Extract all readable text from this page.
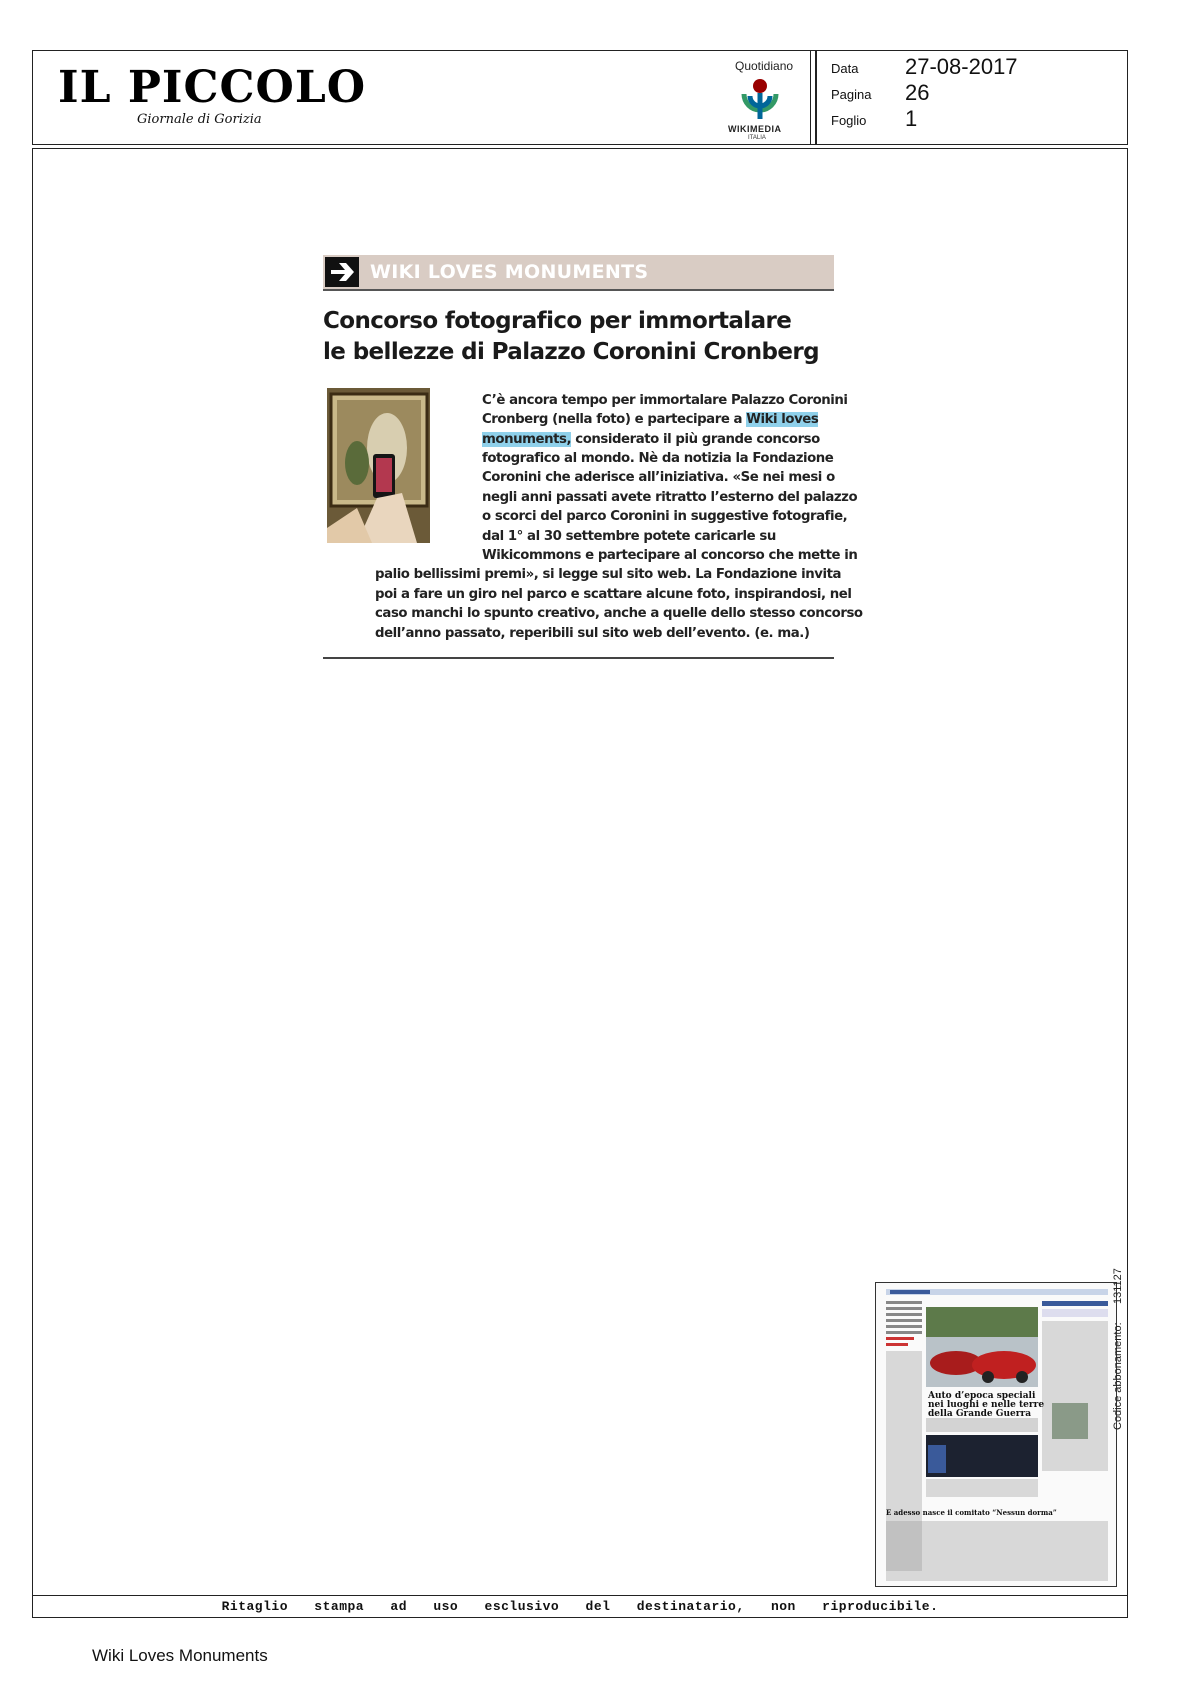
IL PICCOLO
Giornale di Gorizia
Quotidiano
WIKIMEDIA
ITALIA
Data 27-08-2017
Pagina 26
Foglio 1
WIKI LOVES MONUMENTS
Concorso fotografico per immortalare
le bellezze di Palazzo Coronini Cronberg
C’è ancora tempo per immortalare Palazzo Coronini
Cronberg (nella foto) e partecipare a Wiki loves
monuments, considerato il più grande concorso
fotografico al mondo. Nè da notizia la Fondazione
Coronini che aderisce all’iniziativa. «Se nei mesi o
negli anni passati avete ritratto l’esterno del palazzo
o scorci del parco Coronini in suggestive fotografie,
dal 1° al 30 settembre potete caricarle su
Wikicommons e partecipare al concorso che mette in
palio bellissimi premi», si legge sul sito web. La Fondazione invita
poi a fare un giro nel parco e scattare alcune foto, inspirandosi, nel
caso manchi lo spunto creativo, anche a quelle dello stesso concorso
dell’anno passato, reperibili sul sito web dell’evento. (e. ma.)
Auto d’epoca speciali nei luoghi e nelle terre della Grande Guerra
E adesso nasce il comitato “Nessun dorma”
Codice abbonamento:      131127
Ritaglio stampa ad uso esclusivo del destinatario, non riproducibile.
Wiki Loves Monuments
